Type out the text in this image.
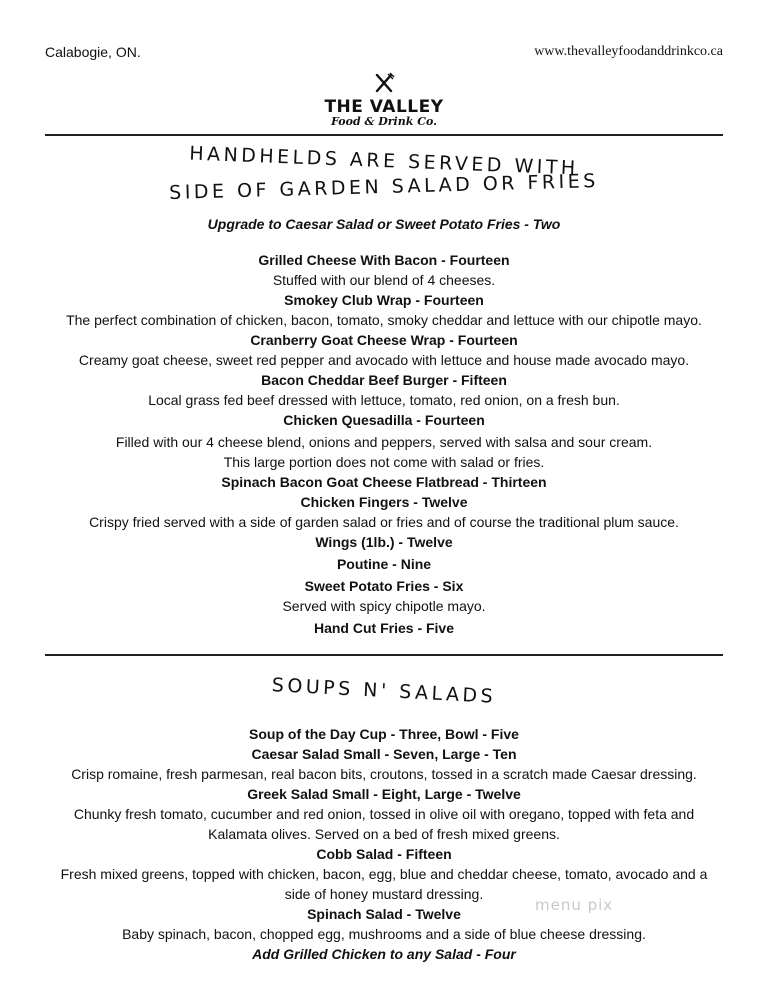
Calabogie, ON.	www.thevalleyfoodanddrinkco.ca
THE VALLEY
Food & Drink Co.
HANDHELDS ARE SERVED WITH
SIDE OF GARDEN SALAD OR FRIES
Upgrade to Caesar Salad or Sweet Potato Fries - Two
Grilled Cheese With Bacon - Fourteen
Stuffed with our blend of 4 cheeses.
Smokey Club Wrap - Fourteen
The perfect combination of chicken, bacon, tomato, smoky cheddar and lettuce with our chipotle mayo.
Cranberry Goat Cheese Wrap - Fourteen
Creamy goat cheese, sweet red pepper and avocado with lettuce and house made avocado mayo.
Bacon Cheddar Beef Burger - Fifteen
Local grass fed beef dressed with lettuce, tomato, red onion, on a fresh bun.
Chicken Quesadilla - Fourteen
Filled with our 4 cheese blend, onions and peppers, served with salsa and sour cream.
This large portion does not come with salad or fries.
Spinach Bacon Goat Cheese Flatbread - Thirteen
Chicken Fingers - Twelve
Crispy fried served with a side of garden salad or fries and of course the traditional plum sauce.
Wings (1lb.) - Twelve
Poutine - Nine
Sweet Potato Fries - Six
Served with spicy chipotle mayo.
Hand Cut Fries - Five
SOUPS N' SALADS
Soup of the Day Cup - Three, Bowl - Five
Caesar Salad Small - Seven, Large - Ten
Crisp romaine, fresh parmesan, real bacon bits, croutons, tossed in a scratch made Caesar dressing.
Greek Salad Small - Eight, Large - Twelve
Chunky fresh tomato, cucumber and red onion, tossed in olive oil with oregano, topped with feta and
Kalamata olives. Served on a bed of fresh mixed greens.
Cobb Salad - Fifteen
Fresh mixed greens, topped with chicken, bacon, egg, blue and cheddar cheese, tomato, avocado and a
side of honey mustard dressing.
Spinach Salad - Twelve
Baby spinach, bacon, chopped egg, mushrooms and a side of blue cheese dressing.
Add Grilled Chicken to any Salad - Four
menu pix
